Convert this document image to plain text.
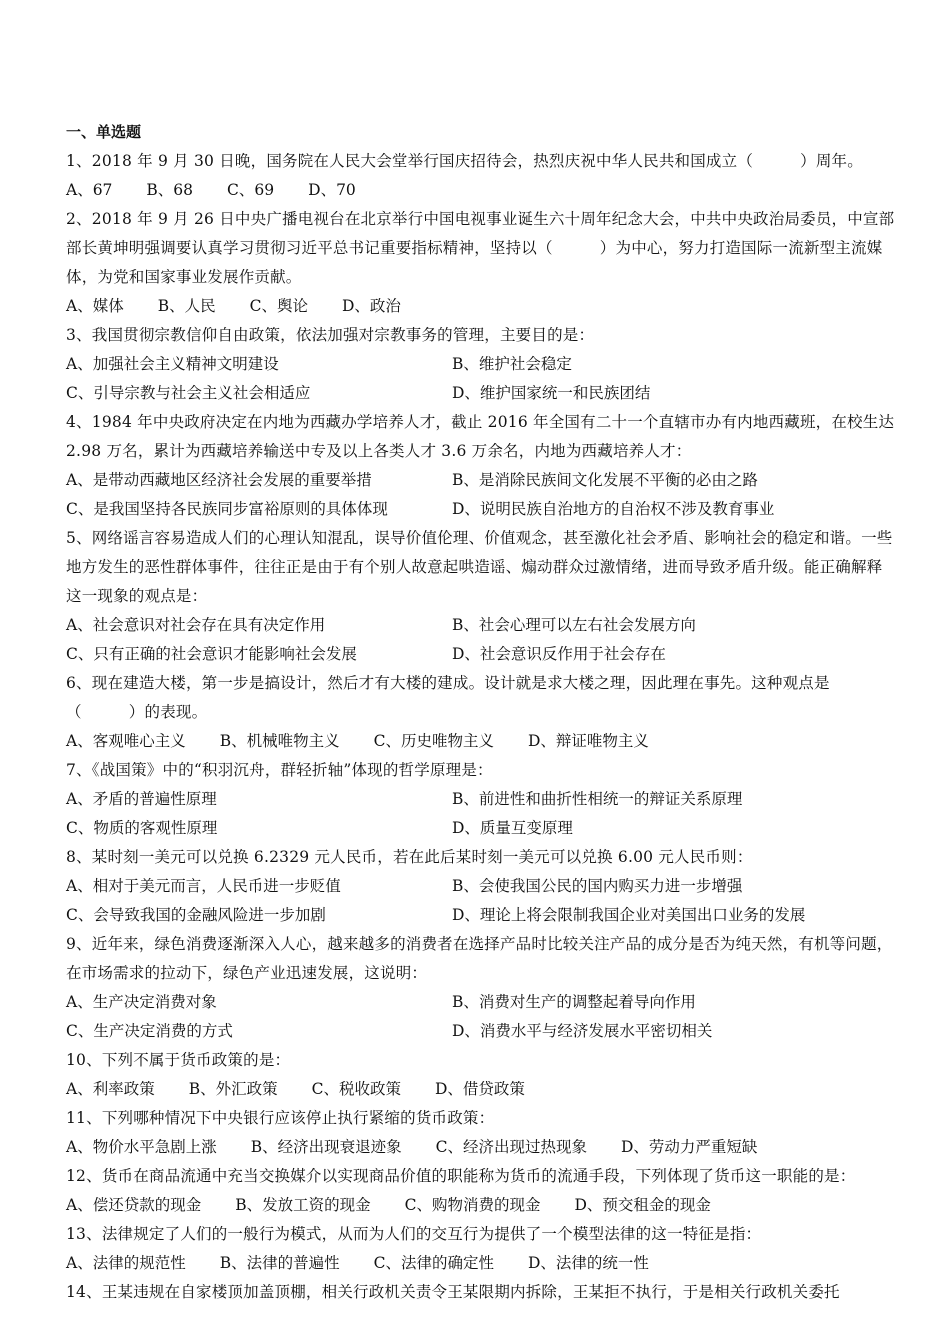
一、单选题
1、2018 年 9 月 30 日晚，国务院在人民大会堂举行国庆招待会，热烈庆祝中华人民共和国成立（　　　）周年。
A、67 B、68 C、69 D、70
2、2018 年 9 月 26 日中央广播电视台在北京举行中国电视事业诞生六十周年纪念大会，中共中央政治局委员，中宣部部长黄坤明强调要认真学习贯彻习近平总书记重要指标精神，坚持以（　　　）为中心，努力打造国际一流新型主流媒体，为党和国家事业发展作贡献。
A、媒体 B、人民 C、舆论 D、政治
3、我国贯彻宗教信仰自由政策，依法加强对宗教事务的管理，主要目的是：
A、加强社会主义精神文明建设	B、维护社会稳定
C、引导宗教与社会主义社会相适应	D、维护国家统一和民族团结
4、1984 年中央政府决定在内地为西藏办学培养人才，截止 2016 年全国有二十一个直辖市办有内地西藏班，在校生达 2.98 万名，累计为西藏培养输送中专及以上各类人才 3.6 万余名，内地为西藏培养人才：
A、是带动西藏地区经济社会发展的重要举措	B、是消除民族间文化发展不平衡的必由之路
C、是我国坚持各民族同步富裕原则的具体体现	D、说明民族自治地方的自治权不涉及教育事业
5、网络谣言容易造成人们的心理认知混乱，误导价值伦理、价值观念，甚至激化社会矛盾、影响社会的稳定和谐。一些地方发生的恶性群体事件，往往正是由于有个别人故意起哄造谣、煽动群众过激情绪，进而导致矛盾升级。能正确解释这一现象的观点是：
A、社会意识对社会存在具有决定作用	B、社会心理可以左右社会发展方向
C、只有正确的社会意识才能影响社会发展	D、社会意识反作用于社会存在
6、现在建造大楼，第一步是搞设计，然后才有大楼的建成。设计就是求大楼之理，因此理在事先。这种观点是（　　　）的表现。
A、客观唯心主义 B、机械唯物主义 C、历史唯物主义 D、辩证唯物主义
7、《战国策》中的“积羽沉舟，群轻折轴”体现的哲学原理是：
A、矛盾的普遍性原理	B、前进性和曲折性相统一的辩证关系原理
C、物质的客观性原理	D、质量互变原理
8、某时刻一美元可以兑换 6.2329 元人民币，若在此后某时刻一美元可以兑换 6.00 元人民币则：
A、相对于美元而言，人民币进一步贬值	B、会使我国公民的国内购买力进一步增强
C、会导致我国的金融风险进一步加剧	D、理论上将会限制我国企业对美国出口业务的发展
9、近年来，绿色消费逐渐深入人心，越来越多的消费者在选择产品时比较关注产品的成分是否为纯天然，有机等问题，在市场需求的拉动下，绿色产业迅速发展，这说明：
A、生产决定消费对象	B、消费对生产的调整起着导向作用
C、生产决定消费的方式	D、消费水平与经济发展水平密切相关
10、下列不属于货币政策的是：
A、利率政策 B、外汇政策 C、税收政策 D、借贷政策
11、下列哪种情况下中央银行应该停止执行紧缩的货币政策：
A、物价水平急剧上涨 B、经济出现衰退迹象 C、经济出现过热现象 D、劳动力严重短缺
12、货币在商品流通中充当交换媒介以实现商品价值的职能称为货币的流通手段，下列体现了货币这一职能的是：
A、偿还贷款的现金 B、发放工资的现金 C、购物消费的现金 D、预交租金的现金
13、法律规定了人们的一般行为模式，从而为人们的交互行为提供了一个模型法律的这一特征是指：
A、法律的规范性 B、法律的普遍性 C、法律的确定性 D、法律的统一性
14、王某违规在自家楼顶加盖顶棚，相关行政机关责令王某限期内拆除，王某拒不执行，于是相关行政机关委托
